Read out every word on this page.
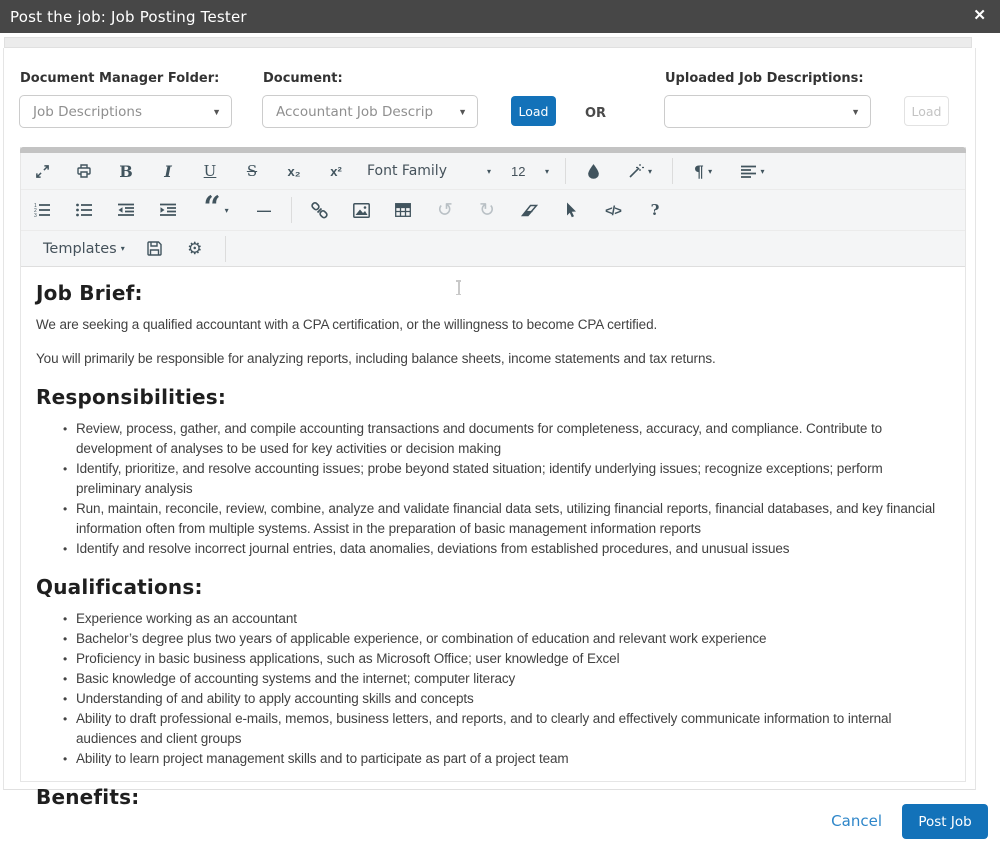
Post the job: Job Posting Tester	✕
Document Manager Folder:
Job Descriptions	▼
Document:
Accountant Job Descrip	▼	Load	OR
Uploaded Job Descriptions:
▼	Load
B I U S x₂ x² Font Family	▾ 12 ▾	▾	¶ ▾	▾
1
2
3	“ ▾ —	↺ ↻	</> ?
Templates ▾	⚙
Job Brief:

We are seeking a qualified accountant with a CPA certification, or the willingness to become CPA certified.

You will primarily be responsible for analyzing reports, including balance sheets, income statements and tax returns.

Responsibilities:
• Review, process, gather, and compile accounting transactions and documents for completeness, accuracy, and compliance. Contribute to development of analyses to be used for key activities or decision making
• Identify, prioritize, and resolve accounting issues; probe beyond stated situation; identify underlying issues; recognize exceptions; perform preliminary analysis
• Run, maintain, reconcile, review, combine, analyze and validate financial data sets, utilizing financial reports, financial databases, and key financial information often from multiple systems. Assist in the preparation of basic management information reports
• Identify and resolve incorrect journal entries, data anomalies, deviations from established procedures, and unusual issues
Qualifications:
• Experience working as an accountant
• Bachelor’s degree plus two years of applicable experience, or combination of education and relevant work experience
• Proficiency in basic business applications, such as Microsoft Office; user knowledge of Excel
• Basic knowledge of accounting systems and the internet; computer literacy
• Understanding of and ability to apply accounting skills and concepts
• Ability to draft professional e-mails, memos, business letters, and reports, and to clearly and effectively communicate information to internal audiences and client groups
• Ability to learn project management skills and to participate as part of a project team
Benefits:
Cancel	Post Job
